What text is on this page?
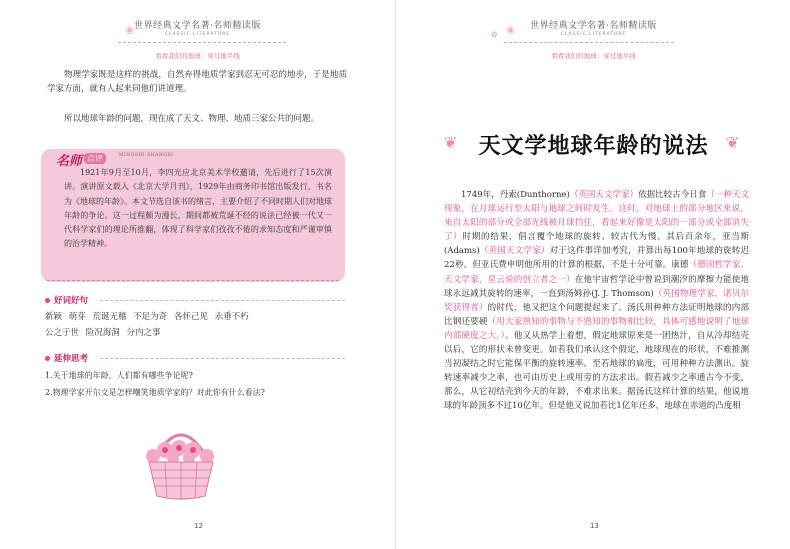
❀ 世界经典文学名著·名师精读版
CLASSIC LITERATURE
看看我们的地球：穿过地平线
物理学家既是这样的挑战，自然弃得地质学家到忍无可忍的地步，于是地质学家方面，就有人起来同他们讲道理。
所以地球年龄的问题，现在成了天文、物理、地质三家公共的问题。
名师 点评	MINGSHI SHANGXI
1921年9月至10月，李四光应北京美术学校邀请，先后进行了15次演讲。演讲原文载入《北京大学月刊》，1929年由商务印书馆出版发行，书名为《地球的年龄》。本文节选自该书的绪言，主要介绍了不同时期人们对地球年龄的争论。这一过程颇为漫长，期间都被荒诞不经的说法已经被一代又一代科学家们的理论所推翻，体现了科学家们孜孜不倦的求知态度和严谨审慎的治学精神。
好词好句
新颖 萌芽 荒诞无稽 不足为奇 各怀己见 永垂不朽
公之于世 险况海洞 分内之事
延伸思考
1.关于地球的年龄，人们都有哪些争论呢?
2.物理学家开尔文是怎样嘲笑地质学家的？对此你有什么看法?
12
❀
✿
世界经典文学名著·名师精读版
CLASSIC LITERATURE
看看我们的地球：穿过地平线
❦ 天文学地球年龄的说法	❦
1749年，丹索(Dunthorne)（英国天文学家）依据比较古今日食（一种天文现象，在月球运行至太阳与地球之间时发生。这时，对地球上的部分地区来说，来自太阳的部分或全部光线被月球挡住，看起来好像是太阳的一部分或全部消失了）时期的结果，倡言覆个地球的旋转、较古代为慢。其后百余年，亚当斯(Adams)（英国天文学家）对于这件事详加考究，并算出每100年地球的旋转迟22秒。但亚氏费申明他所用的计算的根据，不是十分可靠。康德（德国哲学家、天文学家，星云说的创立者之一）在他宇宙哲学论中曾说到潮汐的摩擦力能使地球永远减其旋转的速率，一直到汤姆孙(J. J. Thomson)（英国物理学家，诺贝尔奖获得者）的时代，他又把这个问题提起来了。汤氏用种种方法证明地球的内部比钢还要硬（用大家熟知的事物与不熟知的事物相比较，具体可感地说明了地球内部硬度之大。）。他又从热学上着想，假定地球原来是一团热汁，自从冷却结壳以后，它的形状未曾变更。如若我们承认这个假定，地球现在的形状，不难推测当初凝结之时它能保平衡的旋转速率。至若地球的扁度，可用种种方法测出。旋转速率减少之率，也可由历史上或用旁的方法求出。假若减少之率通古今不变，那么，从它初结壳到今天的年龄，不难求出来。据汤氏这样计算的结果，他说地球的年龄顶多不过10亿年。但是他又说加若比1亿年还多，地球在赤道的凸度相
13
